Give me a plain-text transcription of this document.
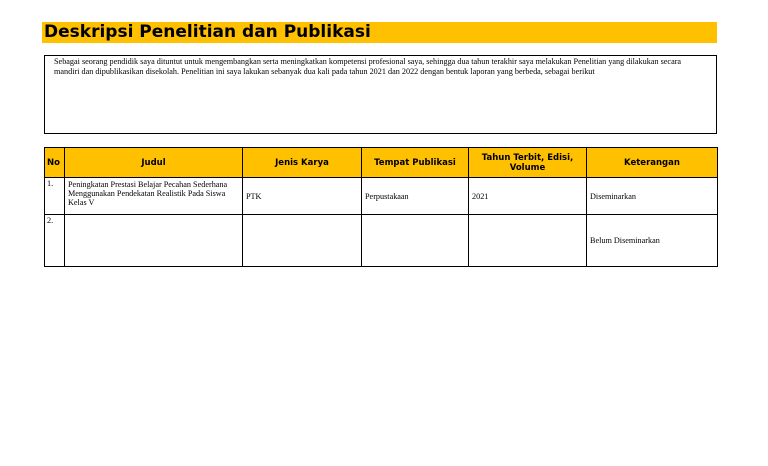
Deskripsi Penelitian dan Publikasi
Sebagai seorang pendidik saya dituntut untuk mengembangkan serta meningkatkan kompetensi profesional saya, sehingga dua tahun terakhir saya melakukan Penelitian yang dilakukan secara mandiri dan dipublikasikan disekolah. Penelitian ini saya lakukan sebanyak dua kali pada tahun 2021 dan 2022 dengan bentuk laporan yang berbeda, sebagai berikut
No	Judul	Jenis Karya	Tempat Publikasi	Tahun Terbit, Edisi, Volume	Keterangan
1.	Peningkatan Prestasi Belajar Pecahan Sederhana Menggunakan Pendekatan Realistik Pada Siswa Kelas V	PTK	Perpustakaan	2021	Diseminarkan
2.					Belum Diseminarkan
